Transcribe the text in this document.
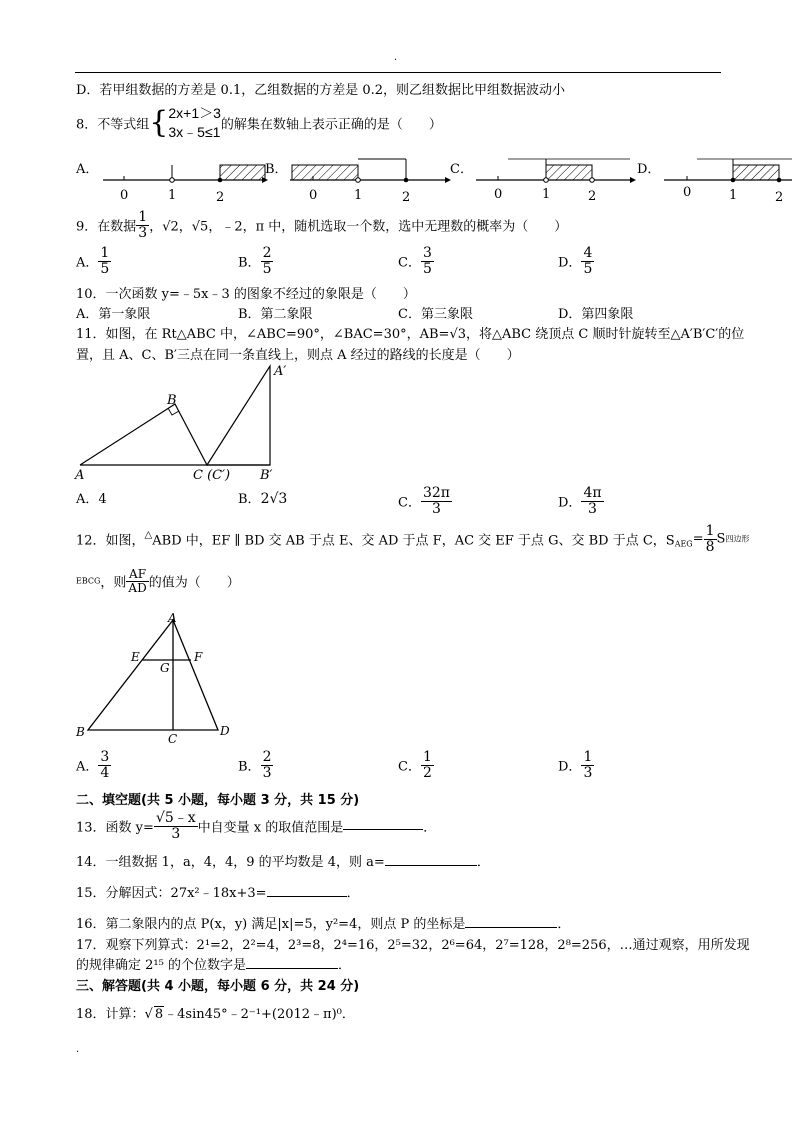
.
D．若甲组数据的方差是 0.1，乙组数据的方差是 0.2，则乙组数据比甲组数据波动小
8．不等式组{ 2x+1＞3
3x﹣5≤1 的解集在数轴上表示正确的是（　　）
A．	B．	C．	D．
0	1	2	0	1	2	0	1	2	0	1	2
9．在数据 $\frac{1}{3}$ ，√2，√5，﹣2，π 中，随机选取一个数，选中无理数的概率为（　　）
A． $\frac{1}{5}$	B． $\frac{2}{5}$	C． $\frac{3}{5}$	D． $\frac{4}{5}$
10．一次函数 y=﹣5x﹣3 的图象不经过的象限是（　　）
A．第一象限	B．第二象限	C．第三象限	D．第四象限
11．如图，在 Rt△ABC 中，∠ABC=90°，∠BAC=30°，AB=√3，将△ABC 绕顶点 C 顺时针旋转至△A′B′C′的位
置，且 A、C、B′三点在同一条直线上，则点 A 经过的路线的长度是（　　）
A
B
C (C′) B′
A′
A．4	B．2√3	C． $\frac{32\pi}{3}$	D． $\frac{4\pi}{3}$
12．如图，△ABD 中，EF ∥ BD 交 AB 于点 E、交 AD 于点 F，AC 交 EF 于点 G、交 BD 于点 C，$S_{AEG}= \frac{1}{8}$ S四边形
EBCG，则 $\frac{AF}{AD}$ 的值为（　　）
A
E
G
F
B	C
D
A． $\frac{3}{4}$	B． $\frac{2}{3}$	C． $\frac{1}{2}$	D． $\frac{1}{3}$
二、填空题(共 5 小题，每小题 3 分，共 15 分)
13．函数 $y= \frac{√5﹣x}{3}$ 中自变量 x 的取值范围是	．
14．一组数据 1，a，4，4，9 的平均数是 4，则 a=	．
15．分解因式：27x²﹣18x+3=	．
16．第二象限内的点 P(x，y) 满足|x|=5，y²=4，则点 P 的坐标是	．
17．观察下列算式：2¹=2，2²=4，2³=8，2⁴=16，2⁵=32，2⁶=64，2⁷=128，2⁸=256，…通过观察，用所发现
的规律确定 2¹⁵ 的个位数字是	．
三、解答题(共 4 小题，每小题 6 分，共 24 分)
18．计算：√ 8﹣4sin45°﹣2⁻¹+(2012﹣π)⁰．
.
